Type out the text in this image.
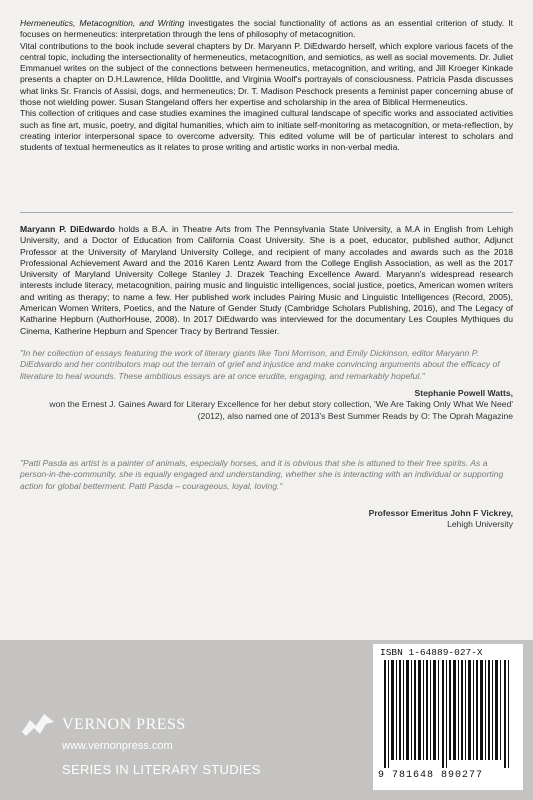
Hermeneutics, Metacognition, and Writing investigates the social functionality of actions as an essential criterion of study. It focuses on hermeneutics: interpretation through the lens of philosophy of metacognition.

Vital contributions to the book include several chapters by Dr. Maryann P. DiEdwardo herself, which explore various facets of the central topic, including the intersectionality of hermeneutics, metacognition, and semiotics, as well as social movements. Dr. Juliet Emmanuel writes on the subject of the connections between hermeneutics, metacognition, and writing, and Jill Kroeger Kinkade presents a chapter on D.H.Lawrence, Hilda Doolittle, and Virginia Woolf's portrayals of consciousness. Patricia Pasda discusses what links Sr. Francis of Assisi, dogs, and hermeneutics; Dr. T. Madison Peschock presents a feminist paper concerning abuse of those not wielding power. Susan Stangeland offers her expertise and scholarship in the area of Biblical Hermeneutics.

This collection of critiques and case studies examines the imagined cultural landscape of specific works and associated activities such as fine art, music, poetry, and digital humanities, which aim to initiate self-monitoring as metacognition, or meta-reflection, by creating interior interpersonal space to overcome adversity. This edited volume will be of particular interest to scholars and students of textual hermeneutics as it relates to prose writing and artistic works in non-verbal media.

Maryann P. DiEdwardo holds a B.A. in Theatre Arts from The Pennsylvania State University, a M.A in English from Lehigh University, and a Doctor of Education from California Coast University. She is a poet, educator, published author, Adjunct Professor at the University of Maryland University College, and recipient of many accolades and awards such as the 2018 Professional Achievement Award and the 2016 Karen Lentz Award from the College English Association, as well as the 2017 University of Maryland University College Stanley J. Drazek Teaching Excellence Award. Maryann's widespread research interests include literacy, metacognition, pairing music and linguistic intelligences, social justice, poetics, American women writers and writing as therapy; to name a few. Her published work includes Pairing Music and Linguistic Intelligences (Record, 2005), American Women Writers, Poetics, and the Nature of Gender Study (Cambridge Scholars Publishing, 2016), and The Legacy of Katharine Hepburn (AuthorHouse, 2008). In 2017 DiEdwardo was interviewed for the documentary Les Couples Mythiques du Cinema, Katherine Hepburn and Spencer Tracy by Bertrand Tessier.

"In her collection of essays featuring the work of literary giants like Toni Morrison, and Emily Dickinson, editor Maryann P. DiEdwardo and her contributors map out the terrain of grief and injustice and make convincing arguments about the efficacy of literature to heal wounds. These ambitious essays are at once erudite, engaging, and remarkably hopeful."
Stephanie Powell Watts,
won the Ernest J. Gaines Award for Literary Excellence for her debut story collection, 'We Are Taking Only What We Need' (2012), also named one of 2013's Best Summer Reads by O: The Oprah Magazine
"Patti Pasda as artist is a painter of animals, especially horses, and it is obvious that she is attuned to their free spirits. As a person-in-the-community, she is equally engaged and understanding, whether she is interacting with an individual or supporting action for global betterment. Patti Pasda – courageous, loyal, loving."
Professor Emeritus John F Vickrey,
Lehigh University
VERNON PRESS
www.vernonpress.com
SERIES IN LITERARY STUDIES
ISBN 1-64889-027-X
9 781648 890277
